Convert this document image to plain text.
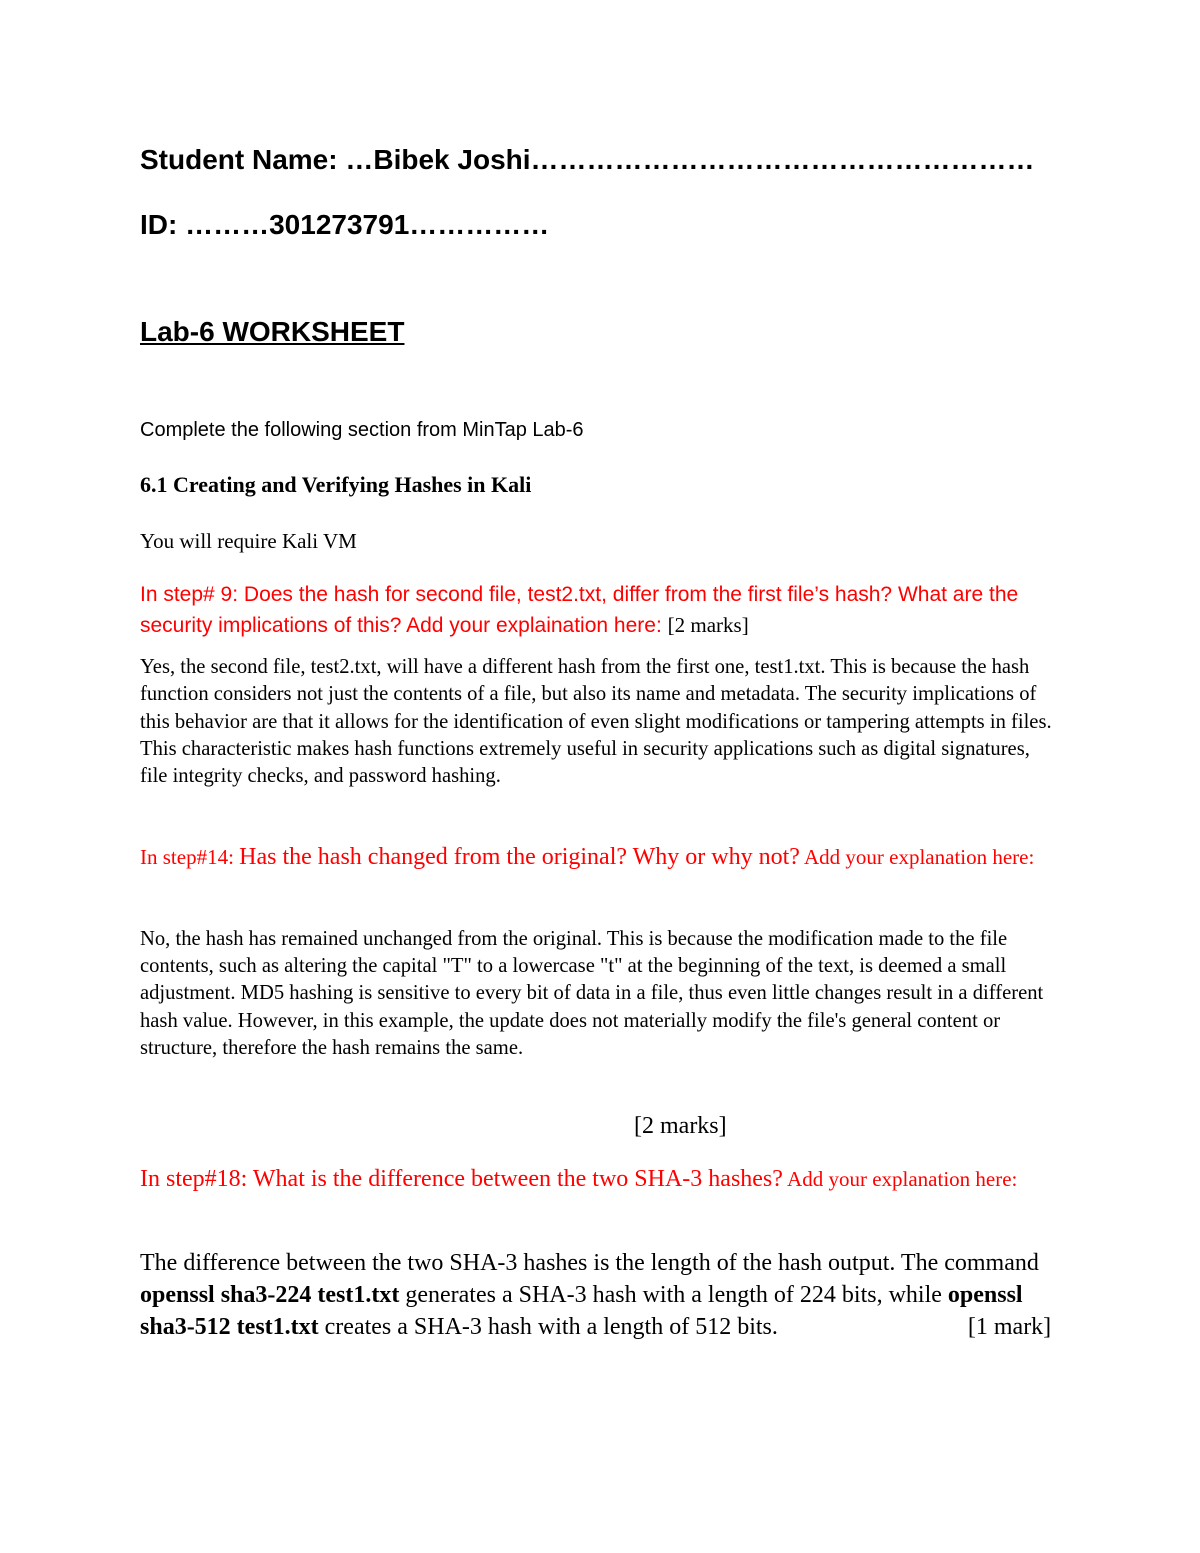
Student Name: …Bibek Joshi………………………………………………

ID: ………301273791……………

Lab-6 WORKSHEET

Complete the following section from MinTap Lab-6

6.1 Creating and Verifying Hashes in Kali

You will require Kali VM

In step# 9: Does the hash for second file, test2.txt, differ from the first file’s hash? What are the security implications of this? Add your explaination here: [2 marks]

Yes, the second file, test2.txt, will have a different hash from the first one, test1.txt. This is because the hash function considers not just the contents of a file, but also its name and metadata. The security implications of this behavior are that it allows for the identification of even slight modifications or tampering attempts in files. This characteristic makes hash functions extremely useful in security applications such as digital signatures, file integrity checks, and password hashing.

In step#14: Has the hash changed from the original? Why or why not? Add your explanation here:

No, the hash has remained unchanged from the original. This is because the modification made to the file contents, such as altering the capital "T" to a lowercase "t" at the beginning of the text, is deemed a small adjustment. MD5 hashing is sensitive to every bit of data in a file, thus even little changes result in a different hash value. However, in this example, the update does not materially modify the file's general content or structure, therefore the hash remains the same.

[2 marks]

In step#18: What is the difference between the two SHA-3 hashes? Add your explanation here:

The difference between the two SHA-3 hashes is the length of the hash output. The command openssl sha3-224 test1.txt generates a SHA-3 hash with a length of 224 bits, while openssl sha3-512 test1.txt creates a SHA-3 hash with a length of 512 bits.	[1 mark]
